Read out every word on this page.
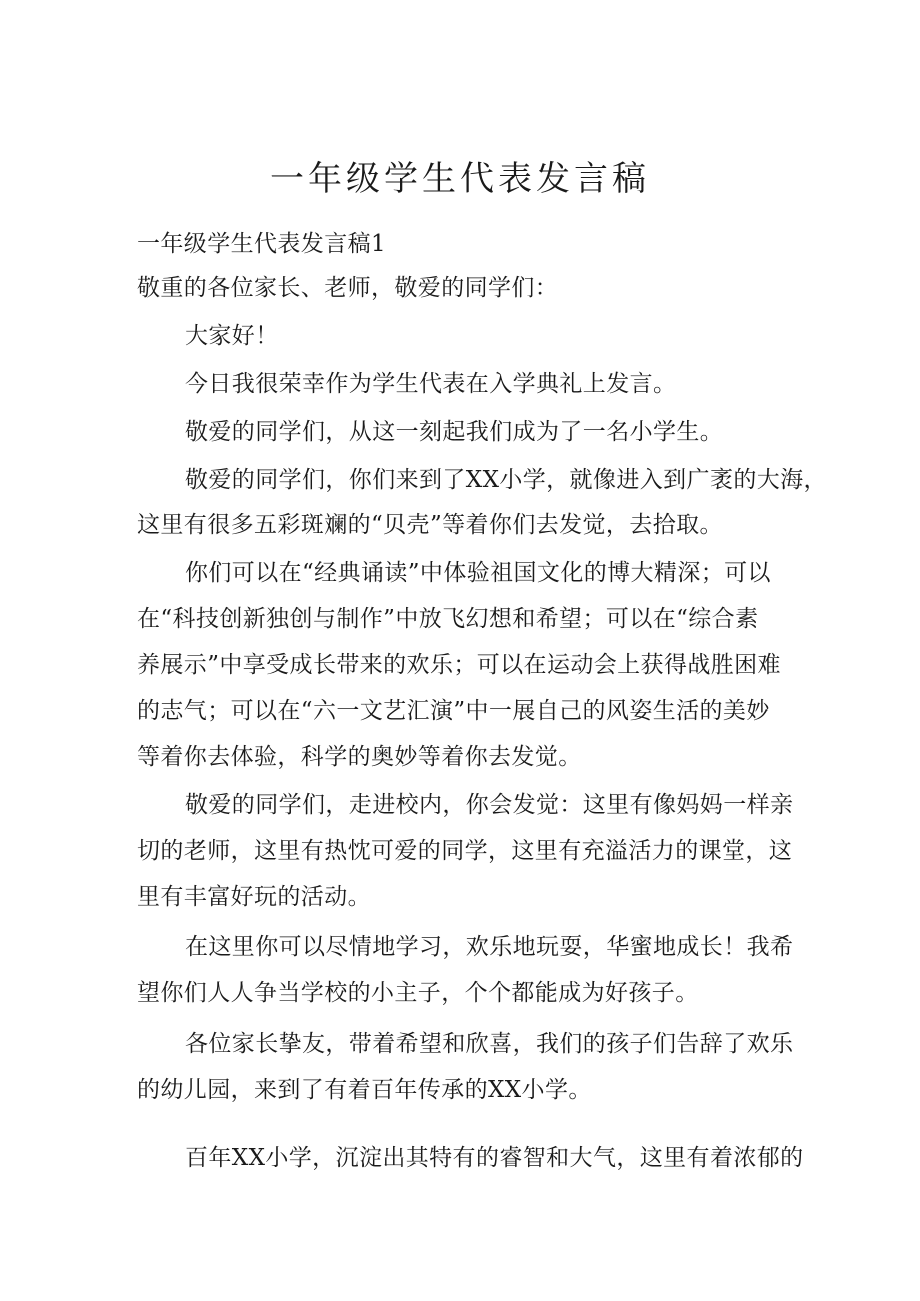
一年级学生代表发言稿
一年级学生代表发言稿1
敬重的各位家长、老师，敬爱的同学们：
大家好！
今日我很荣幸作为学生代表在入学典礼上发言。
敬爱的同学们，从这一刻起我们成为了一名小学生。
敬爱的同学们，你们来到了XX小学，就像进入到广袤的大海，
这里有很多五彩斑斓的“贝壳”等着你们去发觉，去拾取。
你们可以在“经典诵读”中体验祖国文化的博大精深；可以
在“科技创新独创与制作”中放飞幻想和希望；可以在“综合素
养展示”中享受成长带来的欢乐；可以在运动会上获得战胜困难
的志气；可以在“六一文艺汇演”中一展自己的风姿生活的美妙
等着你去体验，科学的奥妙等着你去发觉。
敬爱的同学们，走进校内，你会发觉：这里有像妈妈一样亲
切的老师，这里有热忱可爱的同学，这里有充溢活力的课堂，这
里有丰富好玩的活动。
在这里你可以尽情地学习，欢乐地玩耍，华蜜地成长！我希
望你们人人争当学校的小主子，个个都能成为好孩子。
各位家长挚友，带着希望和欣喜，我们的孩子们告辞了欢乐
的幼儿园，来到了有着百年传承的XX小学。
百年XX小学，沉淀出其特有的睿智和大气，这里有着浓郁的
